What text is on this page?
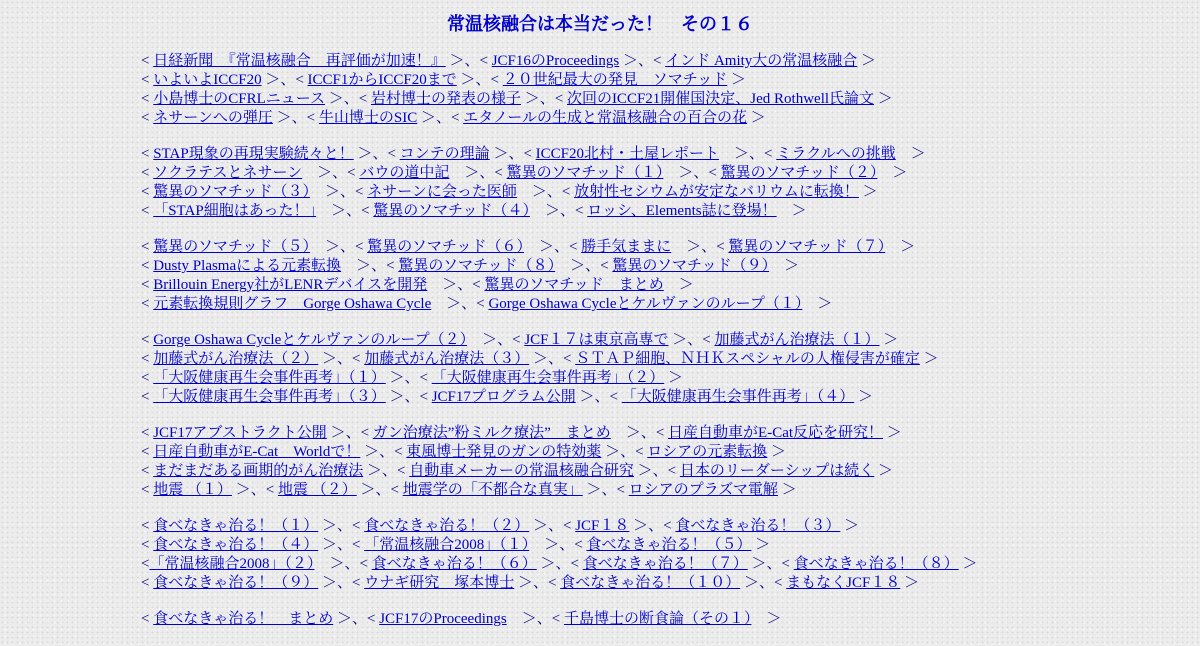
常温核融合は本当だった！　その１６
< 日経新聞　『常温核融合　再評価が加速！』 ＞、< JCF16のProceedings ＞、< インド Amity大の常温核融合 ＞
< いよいよICCF20 ＞、< ICCF1からICCF20まで ＞、< ２０世紀最大の発見　ソマチッド ＞
< 小島博士のCFRLニュース ＞、< 岩村博士の発表の様子 ＞、< 次回のICCF21開催国決定、Jed Rothwell氏論文 ＞
< ネサーンへの弾圧 ＞、< 牛山博士のSIC ＞、< エタノールの生成と常温核融合の百合の花 ＞
< STAP現象の再現実験続々と！ ＞、< コンテの理論 ＞、< ICCF20北村・土屋レポート　＞、< ミラクルへの挑戦　＞
< ソクラテスとネサーン　＞、< バウの道中記　＞、< 驚異のソマチッド（１）　＞、< 驚異のソマチッド（２）　＞
< 驚異のソマチッド（３）　＞、< ネサーンに会った医師　＞、< 放射性セシウムが安定なバリウムに転換！ ＞
< 「STAP細胞はあった！」　＞、< 驚異のソマチッド（４）　＞、< ロッシ、Elements誌に登場！　＞
< 驚異のソマチッド（５）　＞、< 驚異のソマチッド（６）　＞、< 勝手気ままに　＞、< 驚異のソマチッド（７）　＞
< Dusty Plasmaによる元素転換　＞、< 驚異のソマチッド（８）　＞、< 驚異のソマチッド（９）　＞
< Brillouin Energy社がLENRデバイスを開発　＞、< 驚異のソマチッド　まとめ　＞
< 元素転換規則グラフ　Gorge Oshawa Cycle　＞、< Gorge Oshawa Cycleとケルヴァンのループ（１）　＞
< Gorge Oshawa Cycleとケルヴァンのループ（２）　＞、< JCF１７は東京高専で ＞、< 加藤式がん治療法（１） ＞
< 加藤式がん治療法（２） ＞、< 加藤式がん治療法（３） ＞、< ＳＴＡＰ細胞、ＮＨＫスペシャルの人権侵害が確定 ＞
< 「大阪健康再生会事件再考」（１） ＞、< 「大阪健康再生会事件再考」（２） ＞
< 「大阪健康再生会事件再考」（３） ＞、< JCF17プログラム公開 ＞、< 「大阪健康再生会事件再考」（４） ＞
< JCF17アブストラクト公開 ＞、< ガン治療法”粉ミルク療法”　まとめ　＞、< 日産自動車がE-Cat反応を研究！ ＞
< 日産自動車がE-Cat　Worldで！ ＞、< 東風博士発見のガンの特効薬 ＞、< ロシアの元素転換 ＞
< まだまだある画期的がん治療法 ＞、< 自動車メーカーの常温核融合研究 ＞、< 日本のリーダーシップは続く ＞
< 地震 （１） ＞、< 地震 （２） ＞、< 地震学の「不都合な真実」 ＞、< ロシアのプラズマ電解 ＞
< 食べなきゃ治る！（１） ＞、< 食べなきゃ治る！（２） ＞、< JCF１８ ＞、< 食べなきゃ治る！（３） ＞
< 食べなきゃ治る！（４） ＞、< 「常温核融合2008」（１）　＞、< 食べなきゃ治る！（５） ＞
<「常温核融合2008」（２）　＞、< 食べなきゃ治る！（６） ＞、< 食べなきゃ治る！（７） ＞、< 食べなきゃ治る！（８） ＞
< 食べなきゃ治る！（９） ＞、< ウナギ研究　塚本博士 ＞、< 食べなきゃ治る！（１０） ＞、< まもなくJCF１８ ＞
< 食べなきゃ治る！　まとめ ＞、< JCF17のProceedings　＞、< 千島博士の断食論（その１）　＞
